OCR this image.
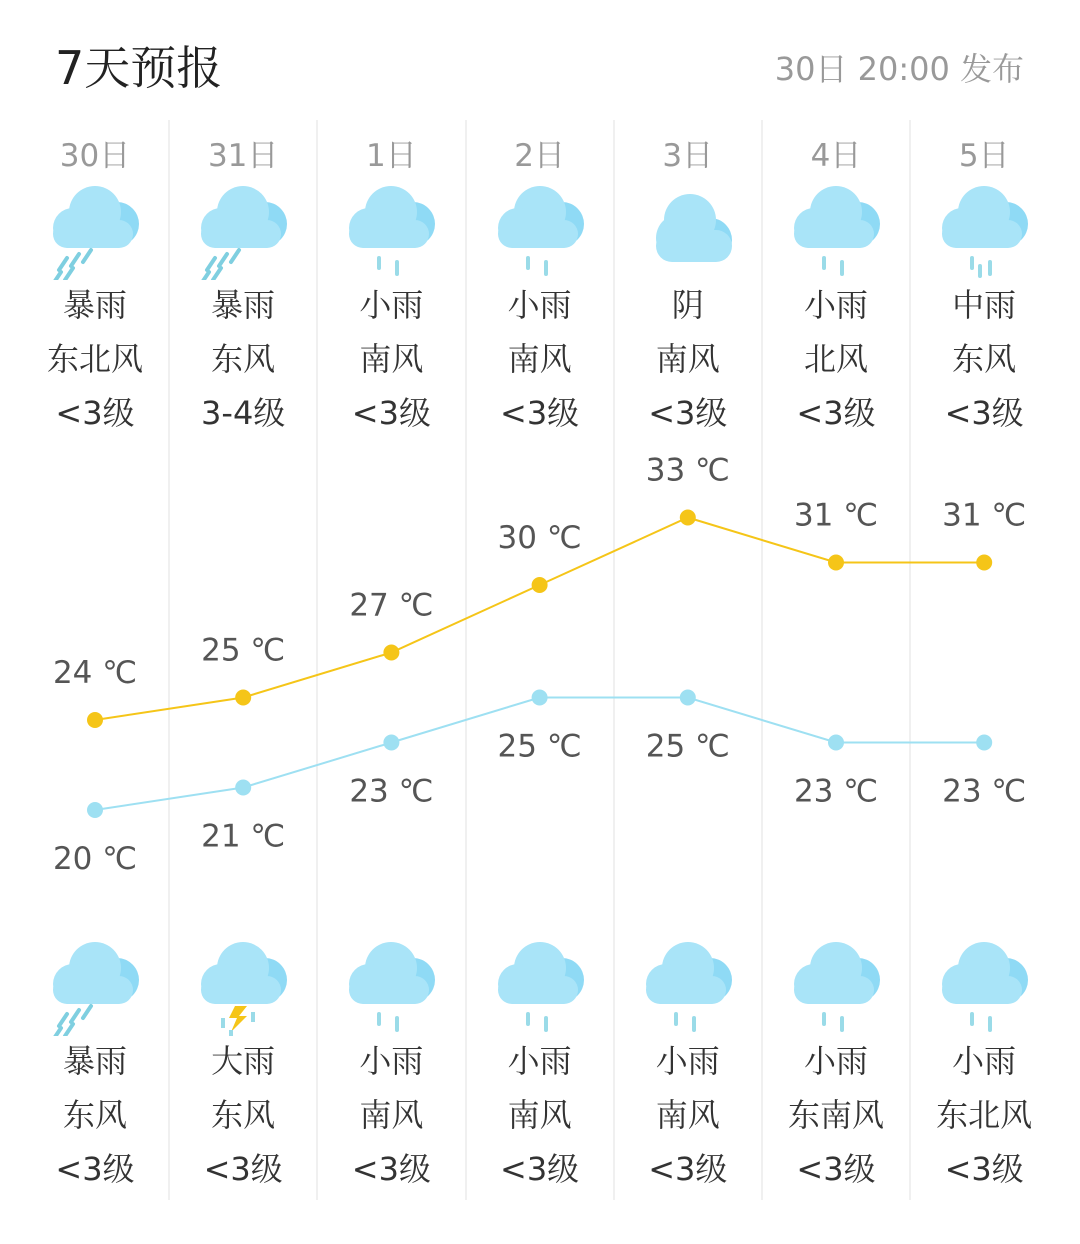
7天预报	30日 20:00 发布
30日
暴雨
东北风
<3级
暴雨
东风
<3级
31日
暴雨
东风
3-4级
大雨
东风
<3级
1日
小雨
南风
<3级
小雨
南风
<3级
2日
小雨
南风
<3级
小雨
南风
<3级
3日
阴
南风
<3级
小雨
南风
<3级
4日
小雨
北风
<3级
小雨
东南风
<3级
5日
中雨
东风
<3级
小雨
东北风
<3级
24 ℃
25 ℃
27 ℃
30 ℃
33 ℃
31 ℃ 31 ℃
20 ℃
21 ℃
23 ℃
25 ℃ 25 ℃
23 ℃ 23 ℃
